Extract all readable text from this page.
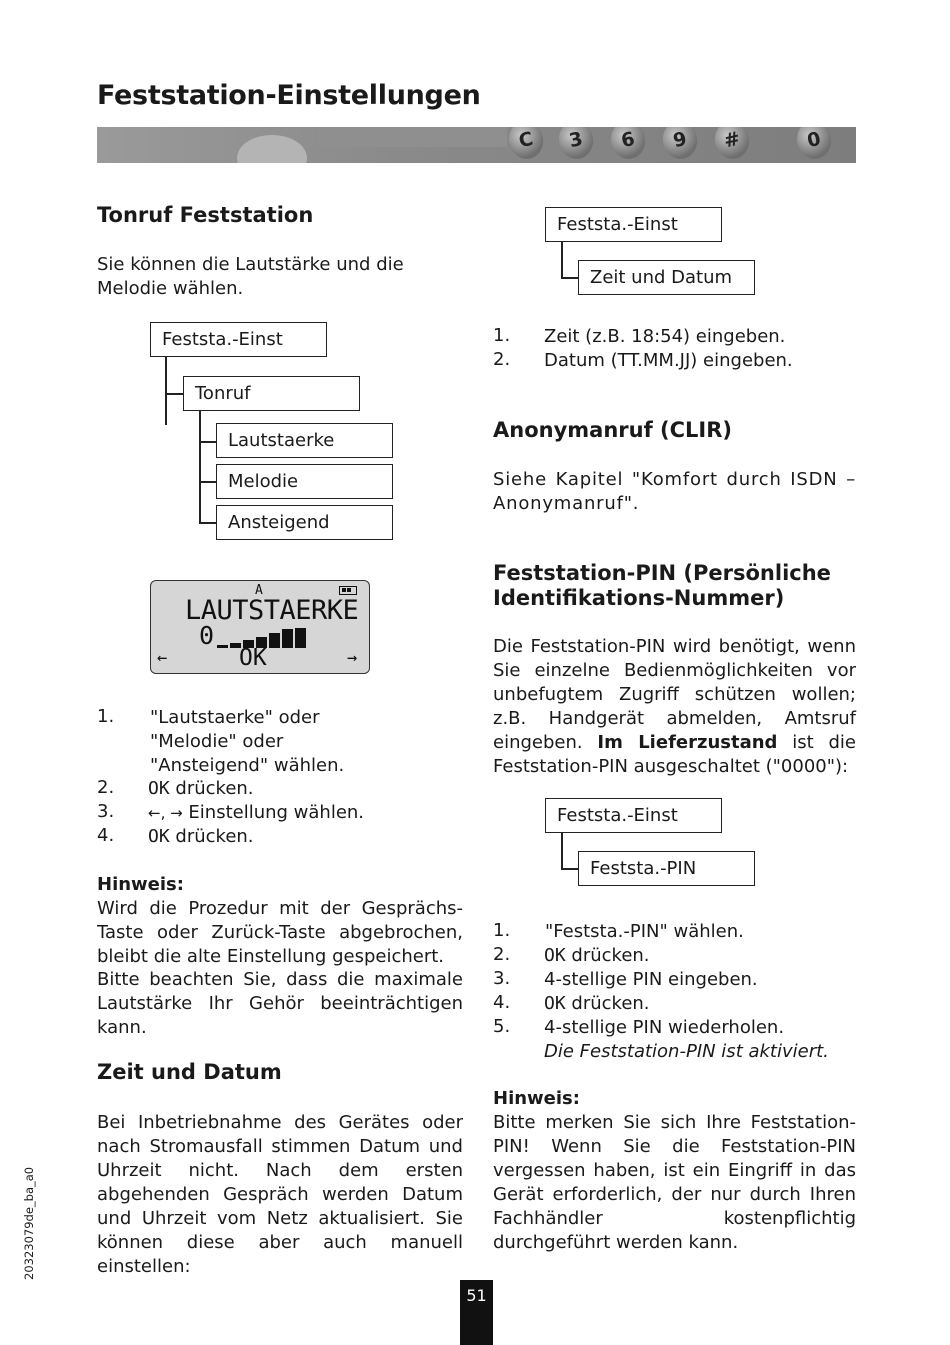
Feststation-Einstellungen
C	3	6	9	#	0
Tonruf Feststation
Sie können die Lautstärke und die Melodie wählen.
Feststa.-Einst
Tonruf
Lautstaerke
Melodie
Ansteigend
A
LAUTSTAERKE
0
←	OK	→
1. "Lautstaerke" oder
"Melodie" oder
"Ansteigend" wählen.
2. OK drücken.
3. ←, → Einstellung wählen.
4. OK drücken.
Hinweis:
Wird die Prozedur mit der Gesprächs-Taste oder Zurück-Taste abgebrochen, bleibt die alte Einstellung gespeichert.
Bitte beachten Sie, dass die maximale Lautstärke Ihr Gehör beeinträchtigen kann.
Zeit und Datum
Bei Inbetriebnahme des Gerätes oder nach Stromausfall stimmen Datum und Uhrzeit nicht. Nach dem ersten abgehenden Gespräch werden Datum und Uhrzeit vom Netz aktualisiert. Sie können diese aber auch manuell einstellen:
Feststa.-Einst
Zeit und Datum
1. Zeit (z.B. 18:54) eingeben.
2. Datum (TT.MM.JJ) eingeben.
Anonymanruf (CLIR)
Siehe Kapitel "Komfort durch ISDN – Anonymanruf".
Feststation-PIN (Persönliche
Identifikations-Nummer)
Die Feststation-PIN wird benötigt, wenn Sie einzelne Bedienmöglichkeiten vor unbefugtem Zugriff schützen wollen; z.B. Handgerät abmelden, Amtsruf eingeben. Im Lieferzustand ist die Feststation-PIN ausgeschaltet ("0000"):
Feststa.-Einst
Feststa.-PIN
1. "Feststa.-PIN" wählen.
2. OK drücken.
3. 4-stellige PIN eingeben.
4. OK drücken.
5. 4-stellige PIN wiederholen.
Die Feststation-PIN ist aktiviert.
Hinweis:
Bitte merken Sie sich Ihre Feststation-PIN! Wenn Sie die Feststation-PIN vergessen haben, ist ein Eingriff in das Gerät erforderlich, der nur durch Ihren Fachhändler kostenpflichtig durchgeführt werden kann.
20323079de_ba_a0
51
